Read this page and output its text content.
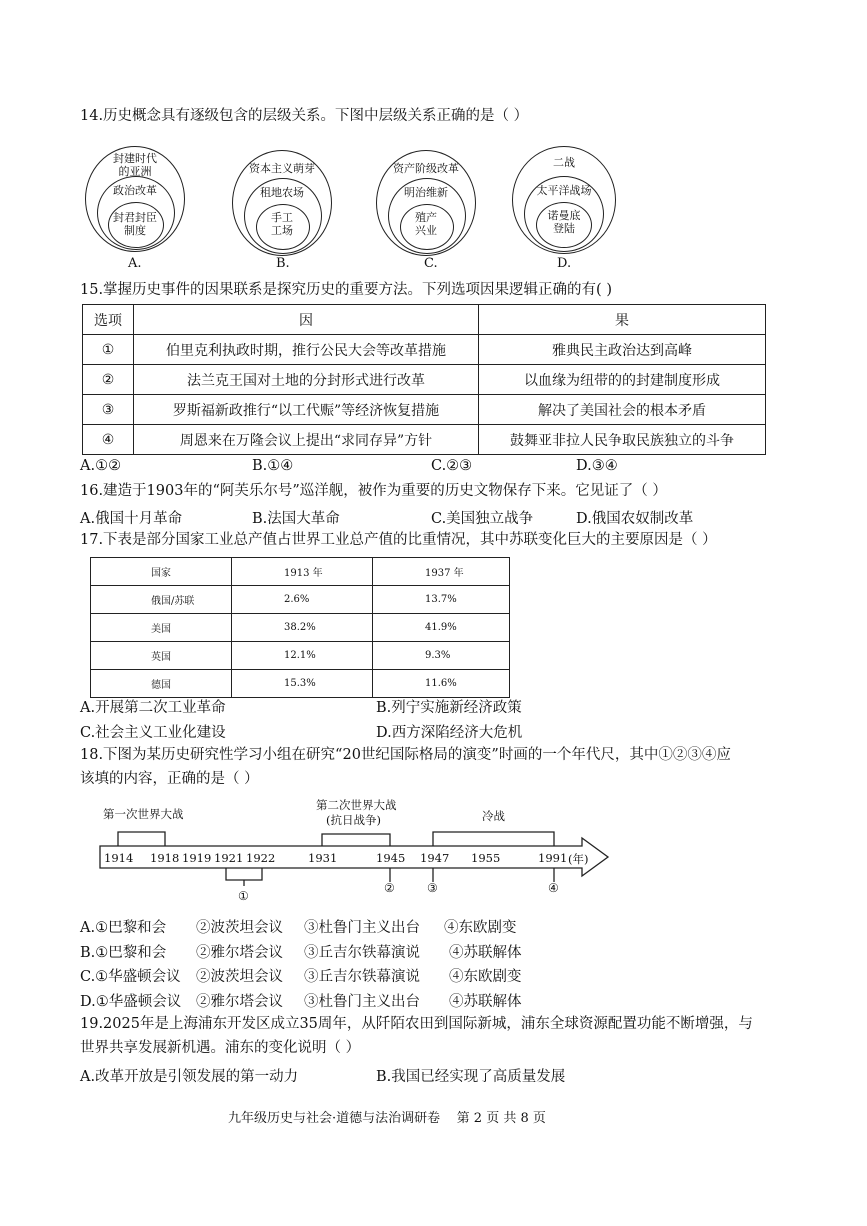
14.历史概念具有逐级包含的层级关系。下图中层级关系正确的是（ ）
封建时代
的亚洲
政治改革
封君封臣
制度
A.
资本主义萌芽
租地农场
手工
工场
B.
资产阶级改革
明治维新
殖产
兴业
C.
二战
太平洋战场
诺曼底
登陆
D.
15.掌握历史事件的因果联系是探究历史的重要方法。下列选项因果逻辑正确的有( )
选项	因	果
①	伯里克利执政时期，推行公民大会等改革措施	雅典民主政治达到高峰
②	法兰克王国对土地的分封形式进行改革	以血缘为纽带的的封建制度形成
③	罗斯福新政推行“以工代赈”等经济恢复措施	解决了美国社会的根本矛盾
④	周恩来在万隆会议上提出“求同存异”方针	鼓舞亚非拉人民争取民族独立的斗争
A.①②	B.①④	C.②③	D.③④
16.建造于1903年的“阿芙乐尔号”巡洋舰，被作为重要的历史文物保存下来。它见证了（ ）
A.俄国十月革命	B.法国大革命	C.美国独立战争	D.俄国农奴制改革
17.下表是部分国家工业总产值占世界工业总产值的比重情况，其中苏联变化巨大的主要原因是（ ）
国家	1913 年	1937 年
俄国/苏联	2.6%	13.7%
美国	38.2%	41.9%
英国	12.1%	9.3%
德国	15.3%	11.6%
A.开展第二次工业革命	B.列宁实施新经济政策
C.社会主义工业化建设	D.西方深陷经济大危机
18.下图为某历史研究性学习小组在研究“20世纪国际格局的演变”时画的一个年代尺，其中①②③④应
该填的内容，正确的是（ ）
第一次世界大战
第二次世界大战
(抗日战争)	冷战
1914 1918 1919 1921 1922	1931	1945 1947 1955	1991 (年)
①
②	③	④
A.①巴黎和会 ②波茨坦会议 ③杜鲁门主义出台 ④东欧剧变
B.①巴黎和会 ②雅尔塔会议 ③丘吉尔铁幕演说 ④苏联解体
C.①华盛顿会议 ②波茨坦会议 ③丘吉尔铁幕演说 ④东欧剧变
D.①华盛顿会议 ②雅尔塔会议 ③杜鲁门主义出台 ④苏联解体
19.2025年是上海浦东开发区成立35周年，从阡陌农田到国际新城，浦东全球资源配置功能不断增强，与
世界共享发展新机遇。浦东的变化说明（ ）
A.改革开放是引领发展的第一动力	B.我国已经实现了高质量发展
九年级历史与社会·道德与法治调研卷    第 2 页 共 8 页
